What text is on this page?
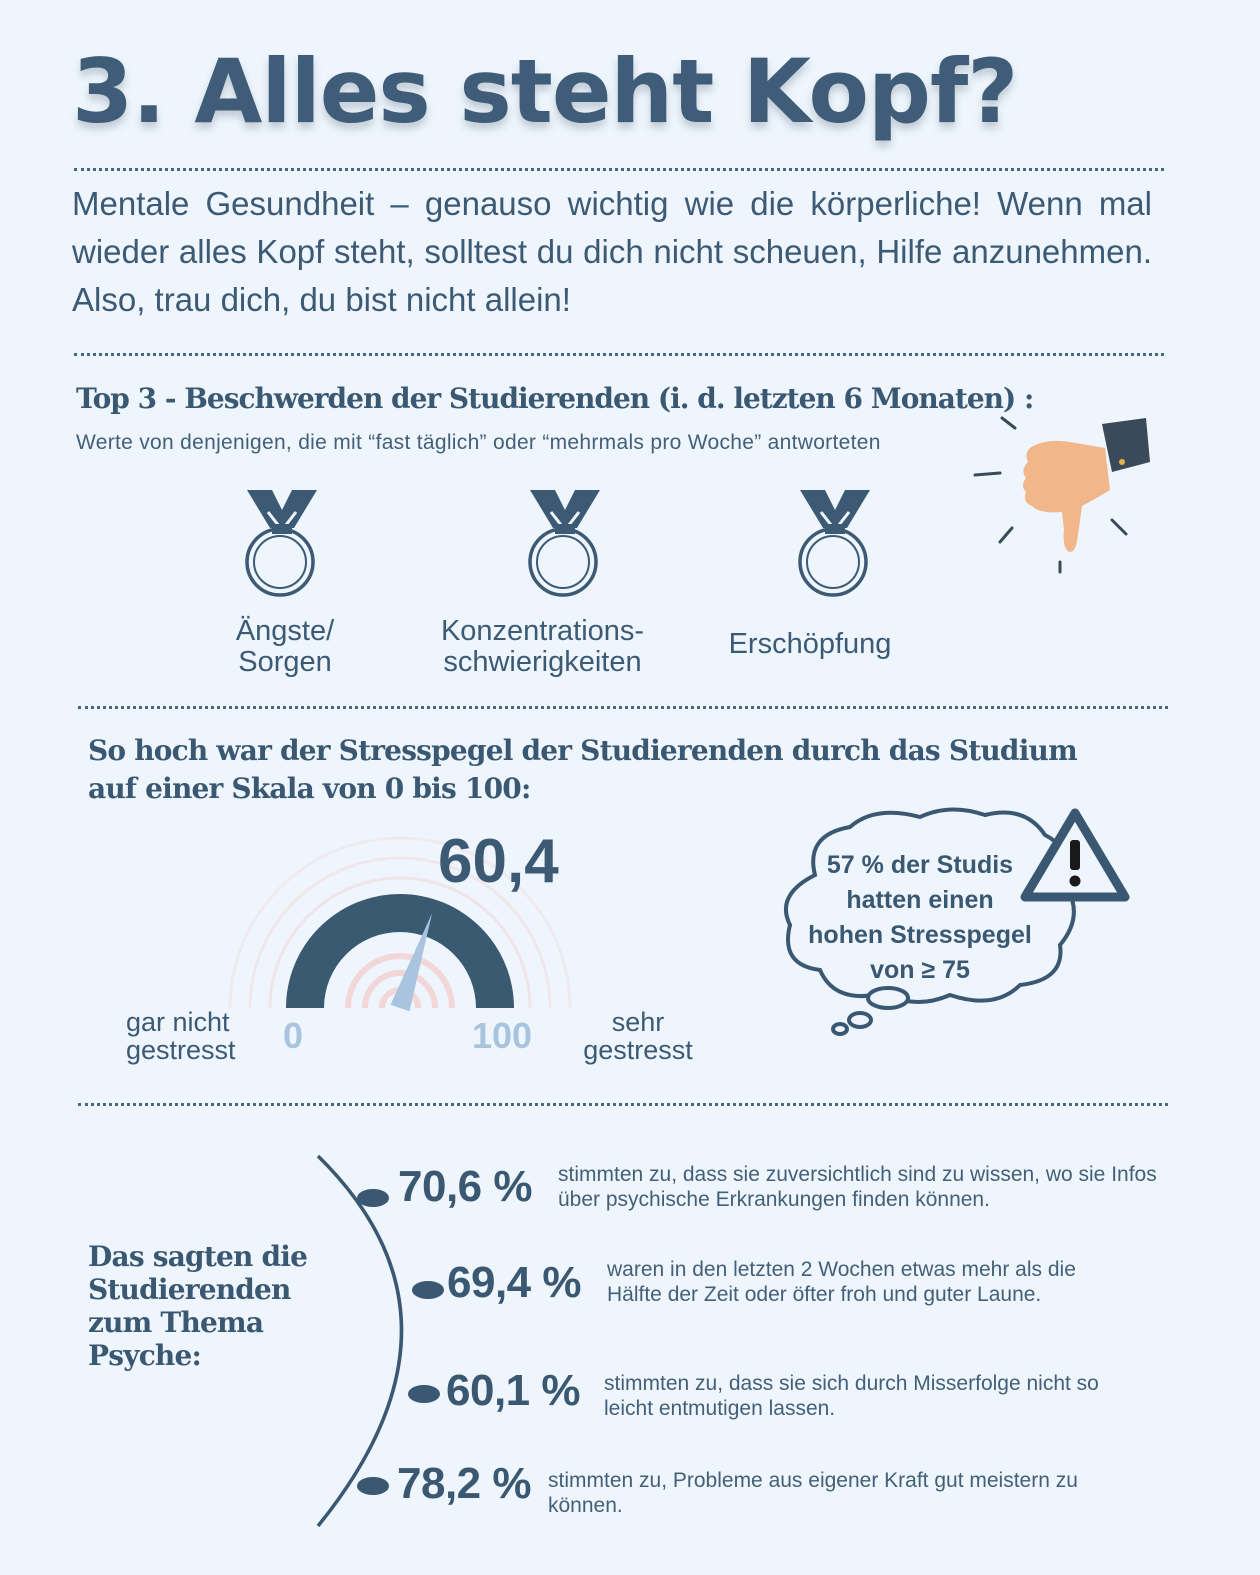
3. Alles steht Kopf?

Mentale Gesundheit – genauso wichtig wie die körperliche! Wenn mal wieder alles Kopf steht, solltest du dich nicht scheuen, Hilfe anzunehmen. Also, trau dich, du bist nicht allein!

Top 3 - Beschwerden der Studierenden (i. d. letzten 6 Monaten) :
Werte von denjenigen, die mit “fast täglich” oder “mehrmals pro Woche” antworteten
Ängste/
Sorgen
Konzentrations-
schwierigkeiten
Erschöpfung
So hoch war der Stresspegel der Studierenden durch das Studium
auf einer Skala von 0 bis 100:
60,4
gar nicht
gestresst 0	100	sehr
gestresst
57 % der Studis
hatten einen
hohen Stresspegel
von ≥ 75
Das sagten die
Studierenden
zum Thema
Psyche:
70,6 % stimmten zu, dass sie zuversichtlich sind zu wissen, wo sie Infos
über psychische Erkrankungen finden können.
69,4 % waren in den letzten 2 Wochen etwas mehr als die
Hälfte der Zeit oder öfter froh und guter Laune.
60,1 % stimmten zu, dass sie sich durch Misserfolge nicht so
leicht entmutigen lassen.
78,2 % stimmten zu, Probleme aus eigener Kraft gut meistern zu
können.
